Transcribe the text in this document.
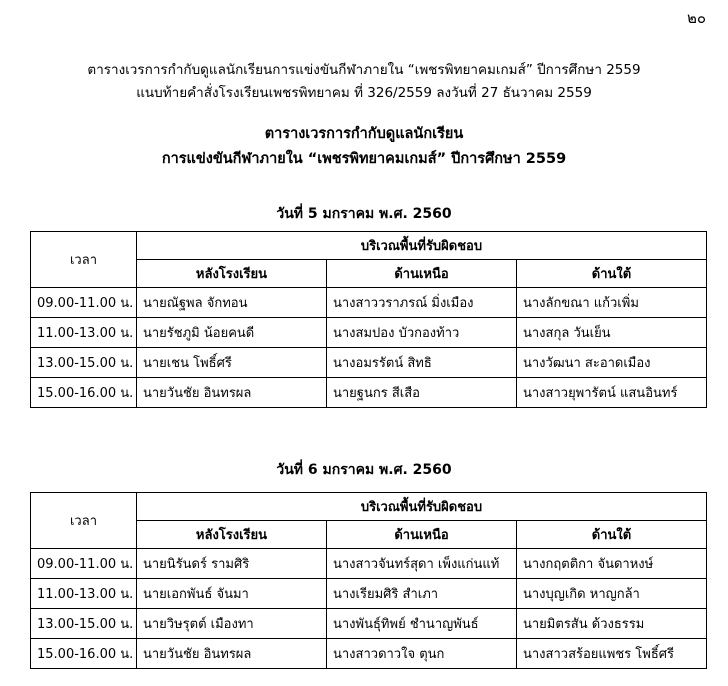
๒๐
ตารางเวรการกำกับดูแลนักเรียนการแข่งขันกีฬาภายใน “เพชรพิทยาคมเกมส์” ปีการศึกษา 2559
แนบท้ายคำสั่งโรงเรียนเพชรพิทยาคม ที่ 326/2559 ลงวันที่ 27 ธันวาคม 2559
ตารางเวรการกำกับดูแลนักเรียน
การแข่งขันกีฬาภายใน “เพชรพิทยาคมเกมส์” ปีการศึกษา 2559
วันที่ 5 มกราคม พ.ศ. 2560
เวลา	บริเวณพื้นที่รับผิดชอบ		
	หลังโรงเรียน	ด้านเหนือ	ด้านใต้
09.00-11.00 น.	นายณัฐพล จักทอน	นางสาววราภรณ์ มิ่งเมือง	นางลักขณา แก้วเพิ่ม
11.00-13.00 น.	นายรัชภูมิ น้อยคนดี	นางสมปอง บัวกองท้าว	นางสกุล วันเย็น
13.00-15.00 น.	นายเชน โพธิ์ศรี	นางอมรรัตน์ สิทธิ	นางวัฒนา สะอาดเมือง
15.00-16.00 น.	นายวันชัย อินทรผล	นายฐนกร สีเสือ	นางสาวยุพารัตน์ แสนอินทร์
วันที่ 6 มกราคม พ.ศ. 2560
เวลา	บริเวณพื้นที่รับผิดชอบ		
	หลังโรงเรียน	ด้านเหนือ	ด้านใต้
09.00-11.00 น.	นายนิรันดร์ รามศิริ	นางสาวจันทร์สุดา เพ็งแก่นแท้	นางกฤตติกา จันดาหงษ์
11.00-13.00 น.	นายเอกพันธ์ จันมา	นางเรียมศิริ สำเภา	นางบุญเกิด หาญกล้า
13.00-15.00 น.	นายวิษรุตต์ เมืองทา	นางพันธุ์ทิพย์ ชำนาญพันธ์	นายมิตรสัน ด้วงธรรม
15.00-16.00 น.	นายวันชัย อินทรผล	นางสาวดาวใจ ตุนก	นางสาวสร้อยแพชร โพธิ์ศรี
